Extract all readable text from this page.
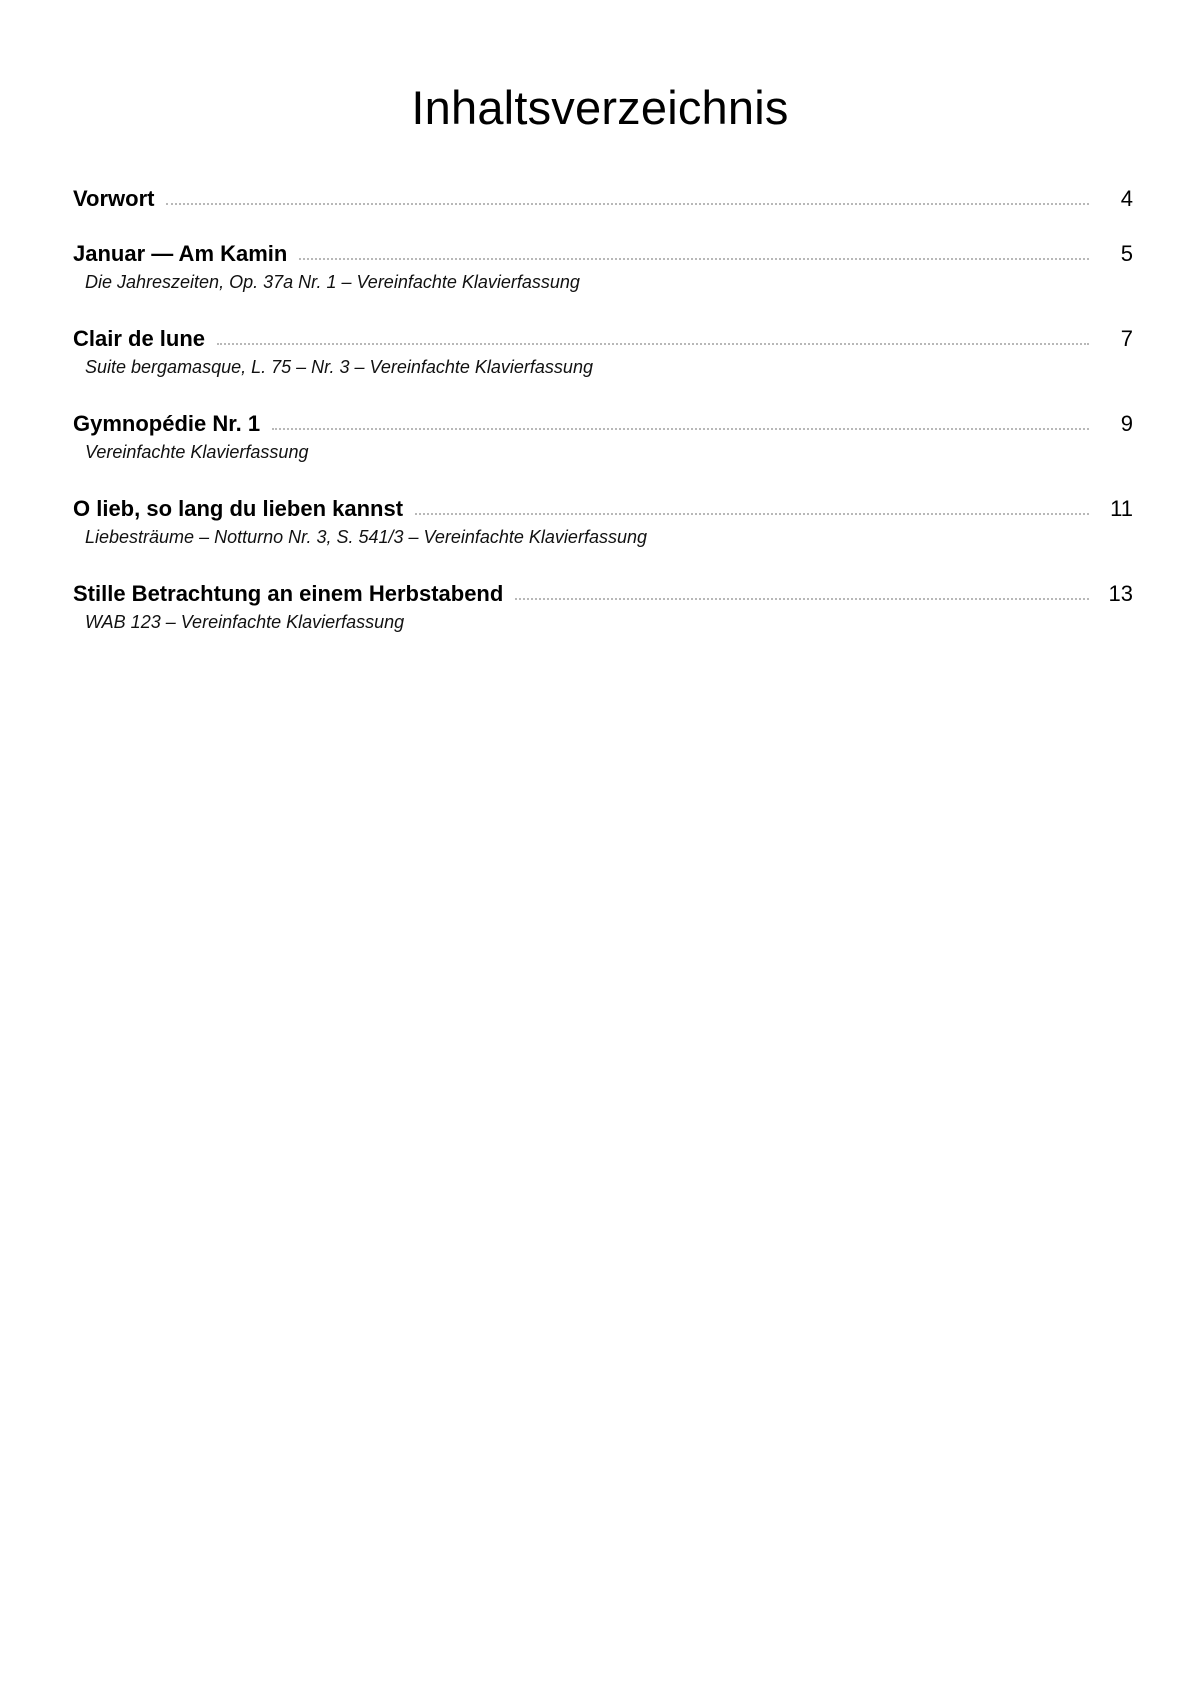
Inhaltsverzeichnis
Vorwort	4
Januar — Am Kamin	5
Die Jahreszeiten, Op. 37a Nr. 1 – Vereinfachte Klavierfassung
Clair de lune	7
Suite bergamasque, L. 75 – Nr. 3 – Vereinfachte Klavierfassung
Gymnopédie Nr. 1	9
Vereinfachte Klavierfassung
O lieb, so lang du lieben kannst	11
Liebesträume – Notturno Nr. 3, S. 541/3 – Vereinfachte Klavierfassung
Stille Betrachtung an einem Herbstabend	13
WAB 123 – Vereinfachte Klavierfassung
